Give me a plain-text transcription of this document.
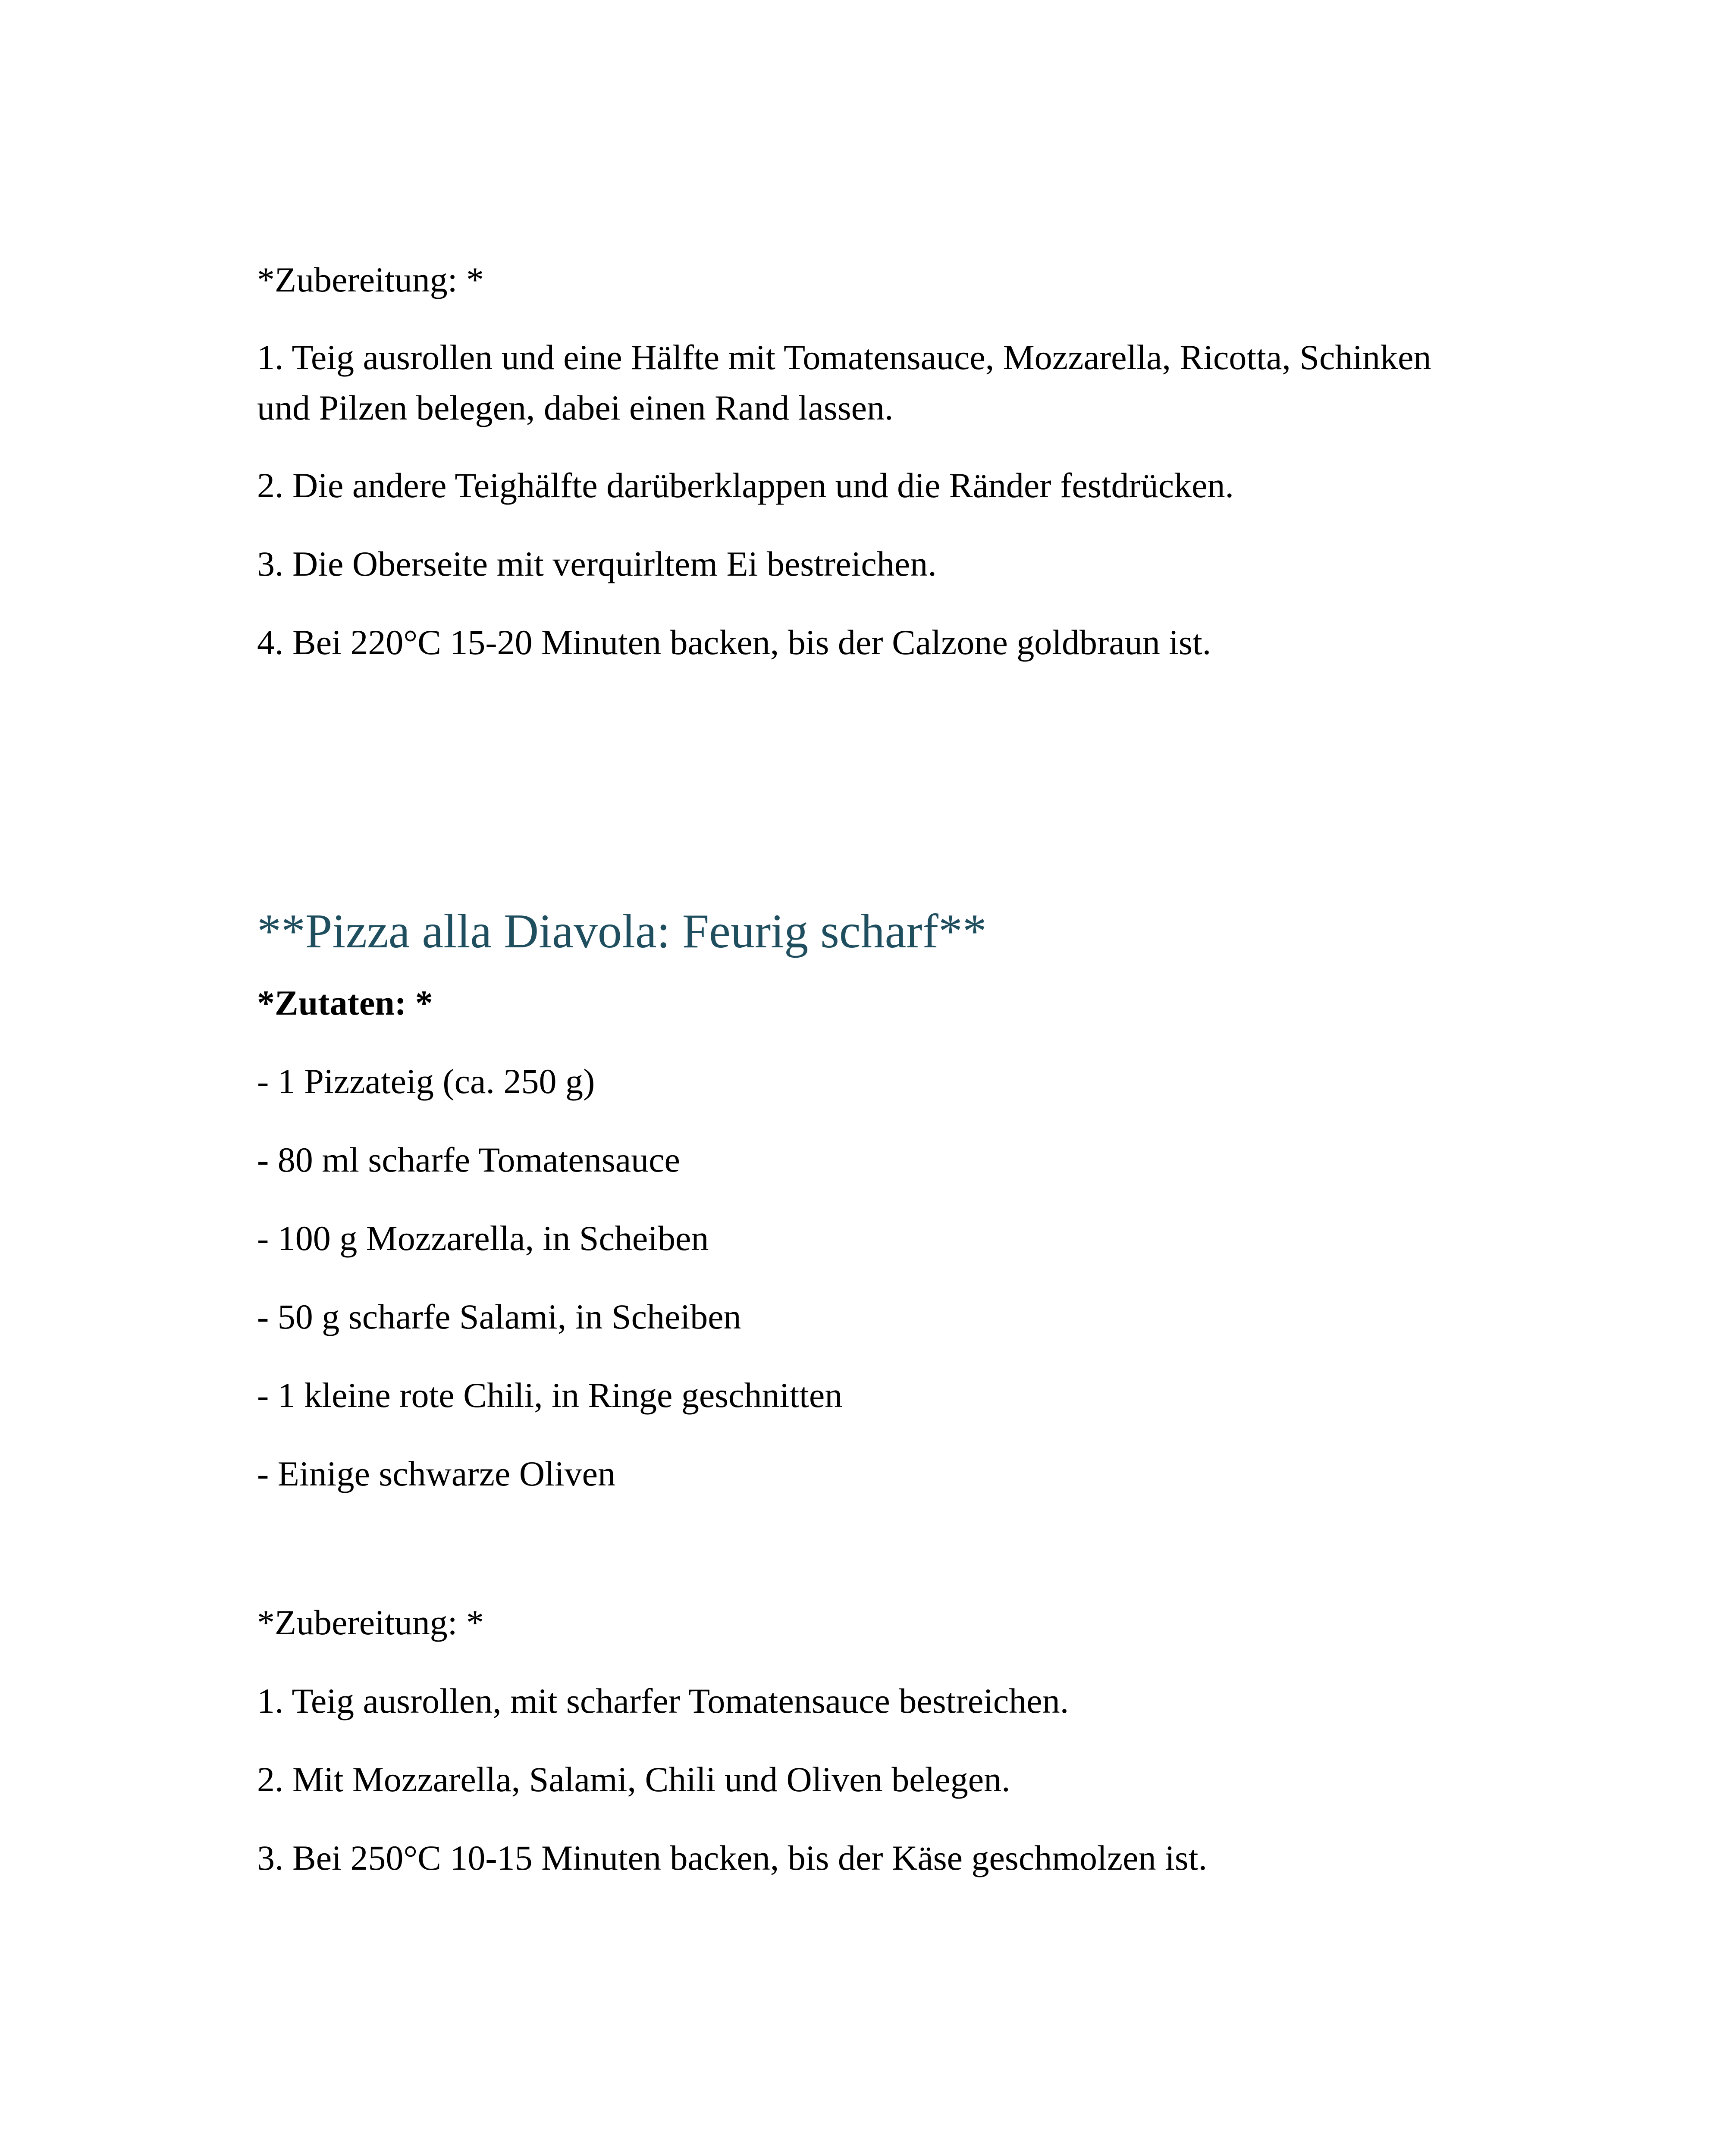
*Zubereitung: *

1. Teig ausrollen und eine Hälfte mit Tomatensauce, Mozzarella, Ricotta, Schinken und Pilzen belegen, dabei einen Rand lassen.

2. Die andere Teighälfte darüberklappen und die Ränder festdrücken.

3. Die Oberseite mit verquirltem Ei bestreichen.

4. Bei 220°C 15-20 Minuten backen, bis der Calzone goldbraun ist.

**Pizza alla Diavola: Feurig scharf**

*Zutaten: *

- 1 Pizzateig (ca. 250 g)

- 80 ml scharfe Tomatensauce

- 100 g Mozzarella, in Scheiben

- 50 g scharfe Salami, in Scheiben

- 1 kleine rote Chili, in Ringe geschnitten

- Einige schwarze Oliven

*Zubereitung: *

1. Teig ausrollen, mit scharfer Tomatensauce bestreichen.

2. Mit Mozzarella, Salami, Chili und Oliven belegen.

3. Bei 250°C 10-15 Minuten backen, bis der Käse geschmolzen ist.
